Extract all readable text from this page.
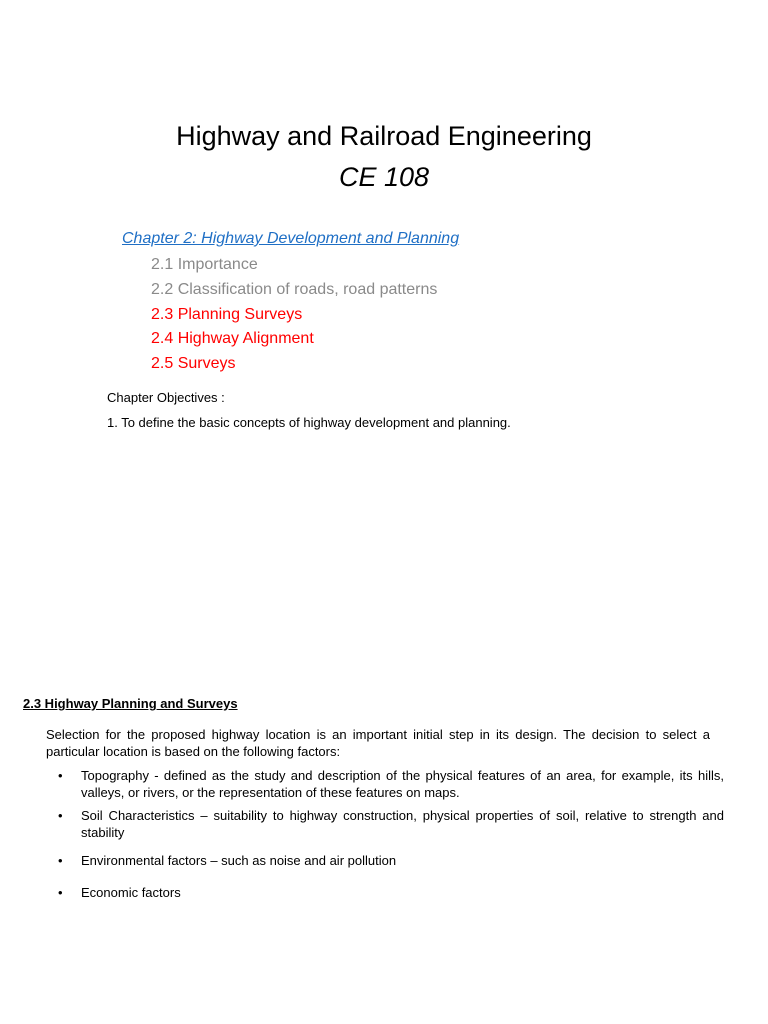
Highway and Railroad Engineering
CE 108
Chapter 2: Highway Development and Planning
2.1 Importance
2.2 Classification of roads, road patterns
2.3 Planning Surveys
2.4 Highway Alignment
2.5 Surveys
Chapter Objectives :
1. To define the basic concepts of highway development and planning.
2.3 Highway Planning and Surveys

Selection for the proposed highway location is an important initial step in its design. The decision to select a particular location is based on the following factors:

• Topography - defined as the study and description of the physical features of an area, for example, its hills, valleys, or rivers, or the representation of these features on maps.
• Soil Characteristics – suitability to highway construction, physical properties of soil, relative to strength and stability
• Environmental factors – such as noise and air pollution
• Economic factors
